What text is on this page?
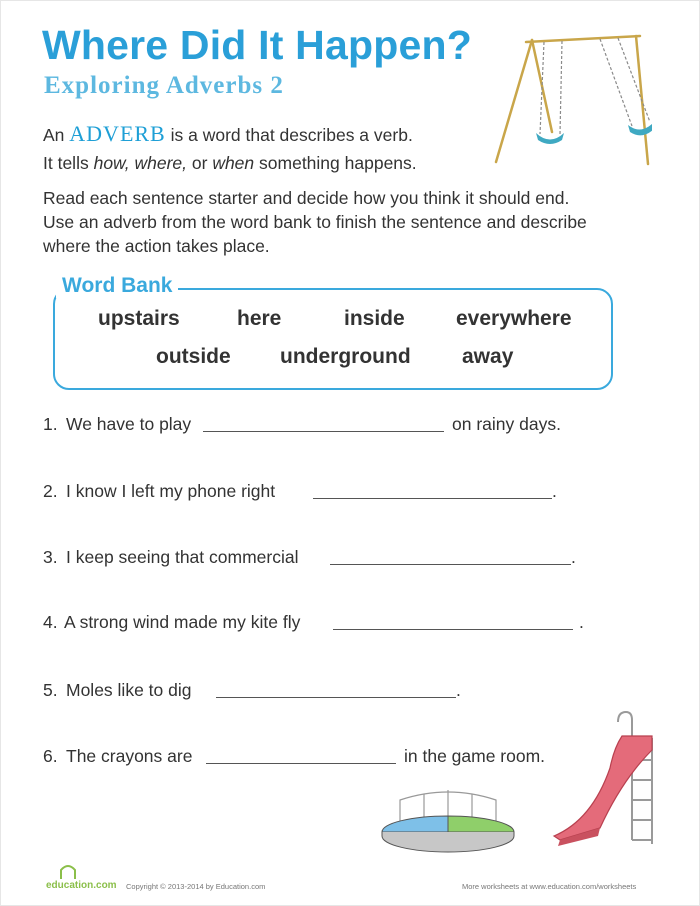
Where Did It Happen?
Exploring Adverbs 2

An ADVERB is a word that describes a verb.
It tells how, where, or when something happens.

Read each sentence starter and decide how you think it should end.
Use an adverb from the word bank to finish the sentence and describe
where the action takes place.

Word Bank
upstairs	here	inside everywhere
outside underground away
1. We have to play	on rainy days.
2. I know I left my phone right	.
3. I keep seeing that commercial	.
4. A strong wind made my kite fly	.
5. Moles like to dig	.
6. The crayons are	in the game room.
education.com Copyright © 2013-2014 by Education.com	More worksheets at www.education.com/worksheets
